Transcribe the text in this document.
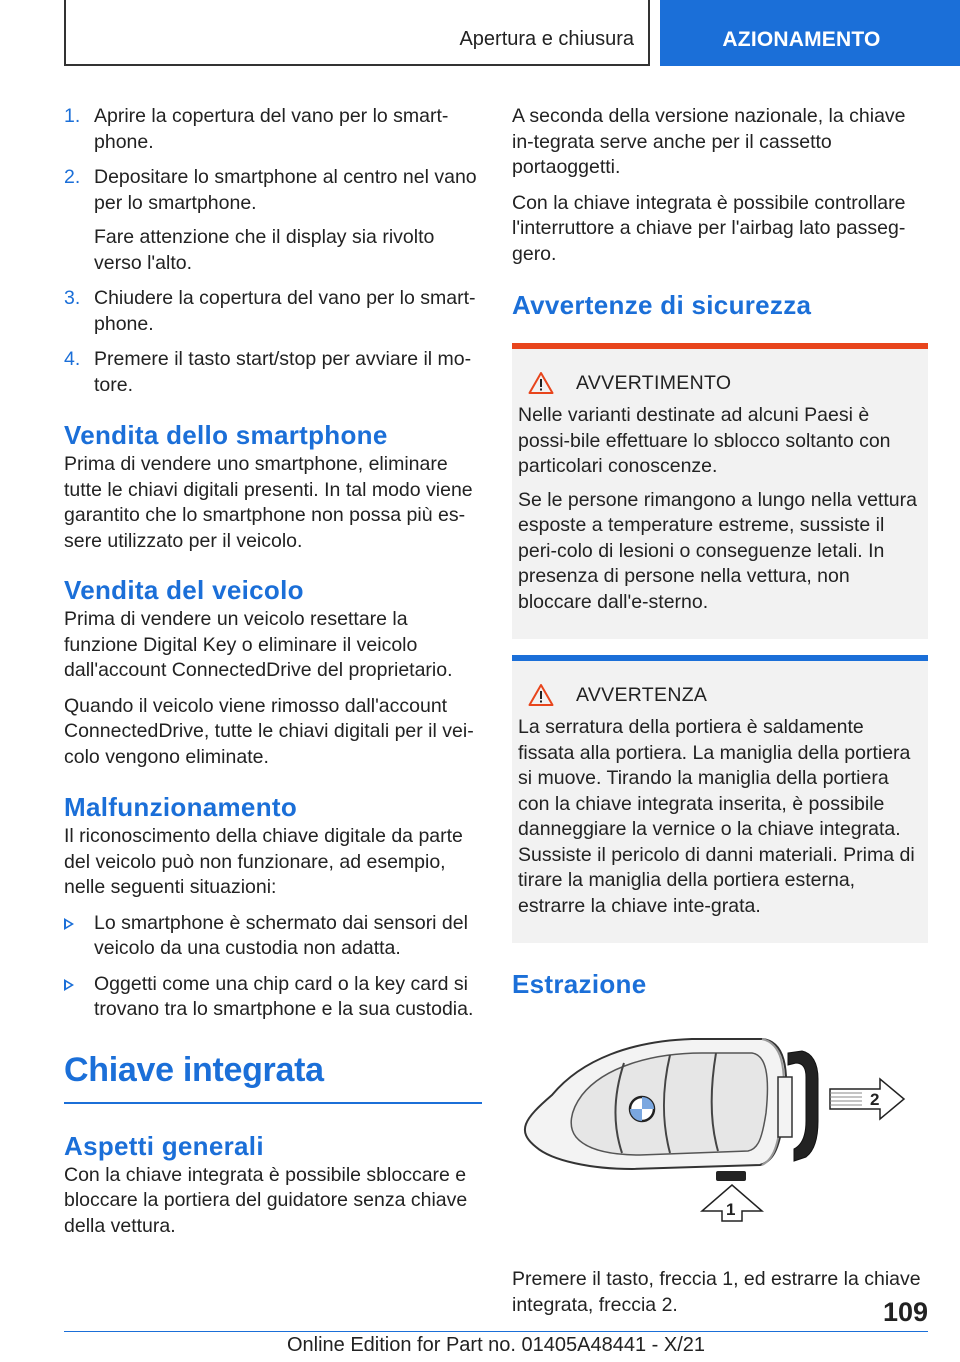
Apertura e chiusura	AZIONAMENTO
1. Aprire la copertura del vano per lo smart-phone.
2. Depositare lo smartphone al centro nel vano per lo smartphone.
Fare attenzione che il display sia rivolto verso l'alto.
3. Chiudere la copertura del vano per lo smart-phone.
4. Premere il tasto start/stop per avviare il mo-tore.
Vendita dello smartphone

Prima di vendere uno smartphone, eliminare tutte le chiavi digitali presenti. In tal modo viene garantito che lo smartphone non possa più es-sere utilizzato per il veicolo.

Vendita del veicolo

Prima di vendere un veicolo resettare la funzione Digital Key o eliminare il veicolo dall'account ConnectedDrive del proprietario.

Quando il veicolo viene rimosso dall'account ConnectedDrive, tutte le chiavi digitali per il vei-colo vengono eliminate.

Malfunzionamento

Il riconoscimento della chiave digitale da parte del veicolo può non funzionare, ad esempio, nelle seguenti situazioni:

Lo smartphone è schermato dai sensori del veicolo da una custodia non adatta.
Oggetti come una chip card o la key card si trovano tra lo smartphone e la sua custodia.
Chiave integrata
Aspetti generali

Con la chiave integrata è possibile sbloccare e bloccare la portiera del guidatore senza chiave della vettura.

A seconda della versione nazionale, la chiave in-tegrata serve anche per il cassetto portaoggetti.

Con la chiave integrata è possibile controllare l'interruttore a chiave per l'airbag lato passeg-gero.

Avvertenze di sicurezza
AVVERTIMENTO

Nelle varianti destinate ad alcuni Paesi è possi-bile effettuare lo sblocco soltanto con particolari conoscenze.

Se le persone rimangono a lungo nella vettura esposte a temperature estreme, sussiste il peri-colo di lesioni o conseguenze letali. In presenza di persone nella vettura, non bloccare dall'e-sterno.

AVVERTENZA

La serratura della portiera è saldamente fissata alla portiera. La maniglia della portiera si muove. Tirando la maniglia della portiera con la chiave integrata inserita, è possibile danneggiare la vernice o la chiave integrata. Sussiste il pericolo di danni materiali. Prima di tirare la maniglia della portiera esterna, estrarre la chiave inte-grata.

Estrazione
2
1

Premere il tasto, freccia 1, ed estrarre la chiave integrata, freccia 2.	109
Online Edition for Part no. 01405A48441 - X/21
